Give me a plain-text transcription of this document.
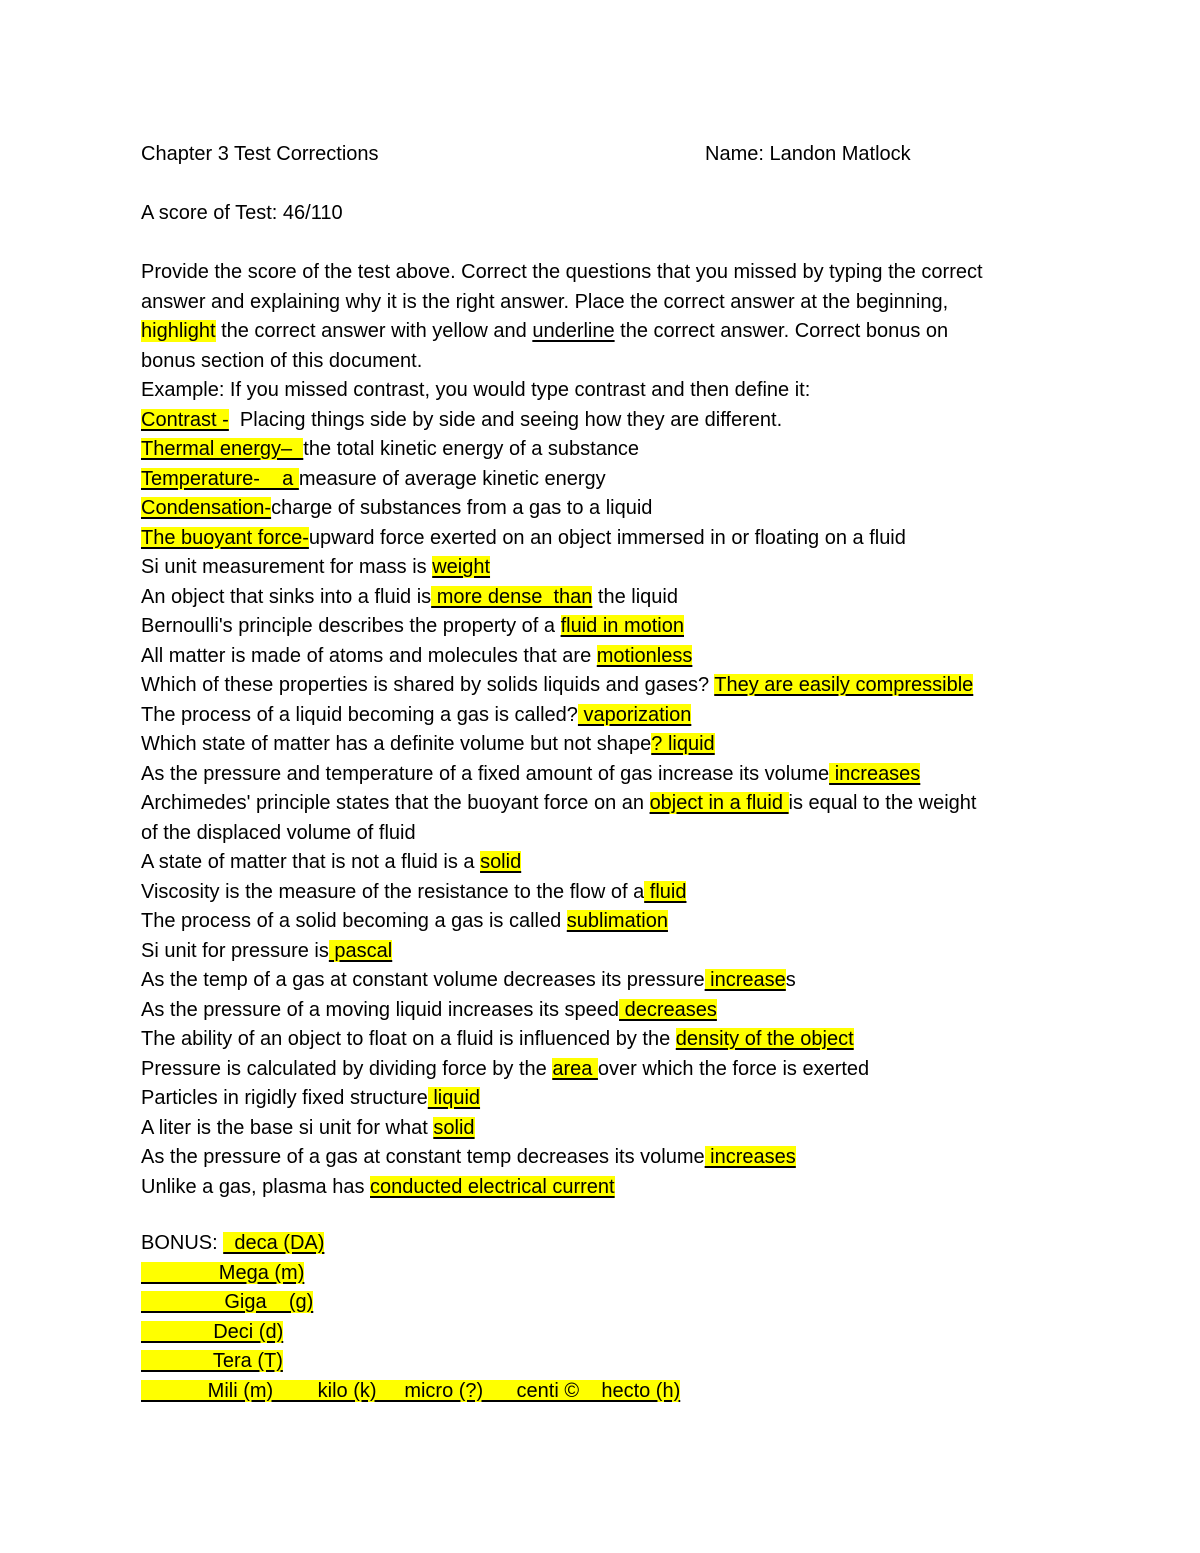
Chapter 3 Test Corrections	Name: Landon Matlock
A score of Test: 46/110
Provide the score of the test above. Correct the questions that you missed by typing the correct
answer and explaining why it is the right answer. Place the correct answer at the beginning,
highlight the correct answer with yellow and underline the correct answer. Correct bonus on
bonus section of this document.
Example: If you missed contrast, you would type contrast and then define it:
Contrast -  Placing things side by side and seeing how they are different.
Thermal energy–  the total kinetic energy of a substance
Temperature-    a measure of average kinetic energy
Condensation-charge of substances from a gas to a liquid
The buoyant force-upward force exerted on an object immersed in or floating on a fluid
Si unit measurement for mass is weight
An object that sinks into a fluid is more dense  than the liquid
Bernoulli's principle describes the property of a fluid in motion
All matter is made of atoms and molecules that are motionless
Which of these properties is shared by solids liquids and gases? They are easily compressible
The process of a liquid becoming a gas is called? vaporization
Which state of matter has a definite volume but not shape? liquid
As the pressure and temperature of a fixed amount of gas increase its volume increases
Archimedes' principle states that the buoyant force on an object in a fluid is equal to the weight
of the displaced volume of fluid
A state of matter that is not a fluid is a solid
Viscosity is the measure of the resistance to the flow of a fluid
The process of a solid becoming a gas is called sublimation
Si unit for pressure is pascal
As the temp of a gas at constant volume decreases its pressure increases
As the pressure of a moving liquid increases its speed decreases
The ability of an object to float on a fluid is influenced by the density of the object
Pressure is calculated by dividing force by the area over which the force is exerted
Particles in rigidly fixed structure liquid
A liter is the base si unit for what solid
As the pressure of a gas at constant temp decreases its volume increases
Unlike a gas, plasma has conducted electrical current
BONUS:   deca (DA)
Mega (m)
Giga    (g)
Deci (d)
Tera (T)
Mili (m)        kilo (k)     micro (?)      centi ©    hecto (h)
